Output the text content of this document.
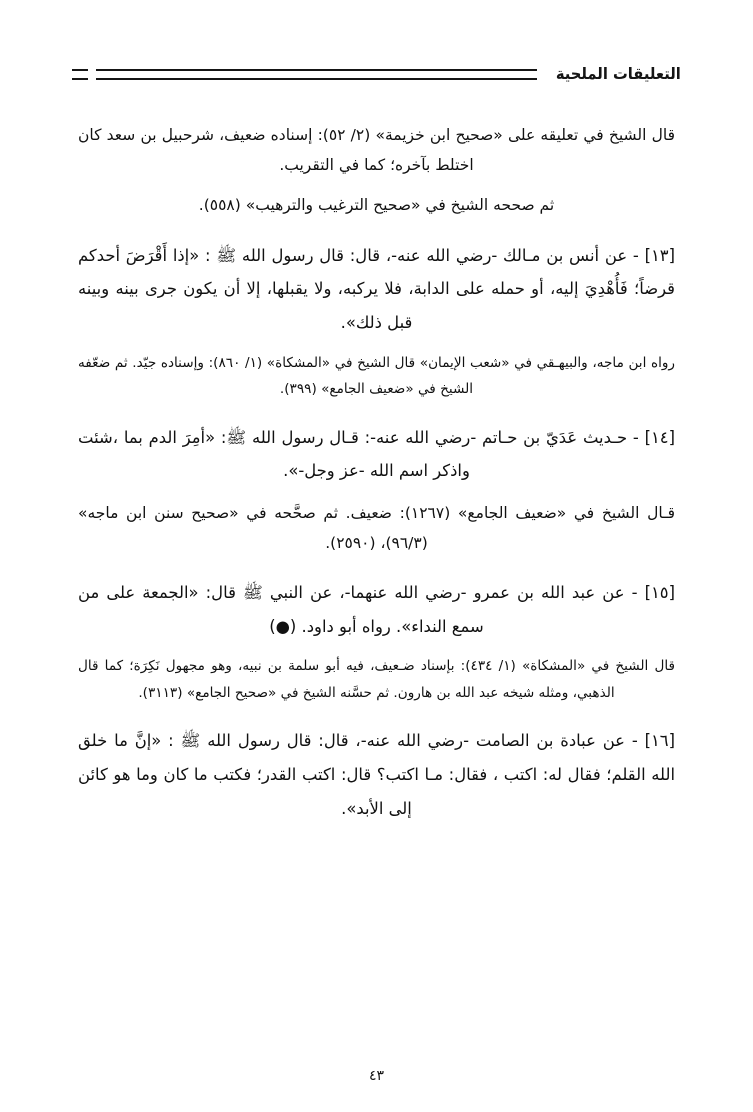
التعليقات الملحية

قال الشيخ في تعليقه على «صحيح ابن خزيمة» (٢/ ٥٢): إسناده ضعيف، شرحبيل بن سعد كان اختلط بآخره؛ كما في التقريب.

ثم صححه الشيخ في «صحيح الترغيب والترهيب» (٥٥٨).

[١٣] - عن أنس بن مـالك -رضي الله عنه-، قال: قال رسول الله ﷺ : «إذا أَقْرَضَ أحدكم قرضاً؛ فَأُهْدِيَ إليه، أو حمله على الدابة، فلا يركبه، ولا يقبلها، إلا أن يكون جرى بينه وبينه قبل ذلك».

رواه ابن ماجه، والبيهـقي في «شعب الإيمان» قال الشيخ في «المشكاة» (١/ ٨٦٠): وإسناده جيّد. ثم ضعّفه الشيخ في «ضعيف الجامع» (٣٩٩).

[١٤] - حـديث عَدَيّ بن حـاتم -رضي الله عنه-: قـال رسول الله ﷺ: «أمِرَ الدم بما ،شئت واذكر اسم الله -عز وجل-».

قـال الشيخ في «ضعيف الجامع» (١٢٦٧): ضعيف. ثم صحَّحه في «صحيح سنن ابن ماجه» (٩٦/٣)، (٢٥٩٠).

[١٥] - عن عبد الله بن عمرو -رضي الله عنهما-، عن النبي ﷺ قال: «الجمعة على من سمع النداء». رواه أبو داود. (●)

قال الشيخ في «المشكاة» (١/ ٤٣٤): بإسناد ضـعيف، فيه أبو سلمة بن نبيه، وهو مجهول نَكِرَة؛ كما قال الذهبي، ومثله شيخه عبد الله بن هارون. ثم حسَّنه الشيخ في «صحيح الجامع» (٣١١٣).

[١٦] - عن عبادة بن الصامت -رضي الله عنه-، قال: قال رسول الله ﷺ : «إنَّ ما خلق الله القلم؛ فقال له: اكتب ، فقال: مـا اكتب؟ قال: اكتب القدر؛ فكتب ما كان وما هو كائن إلى الأبد».

٤٣
